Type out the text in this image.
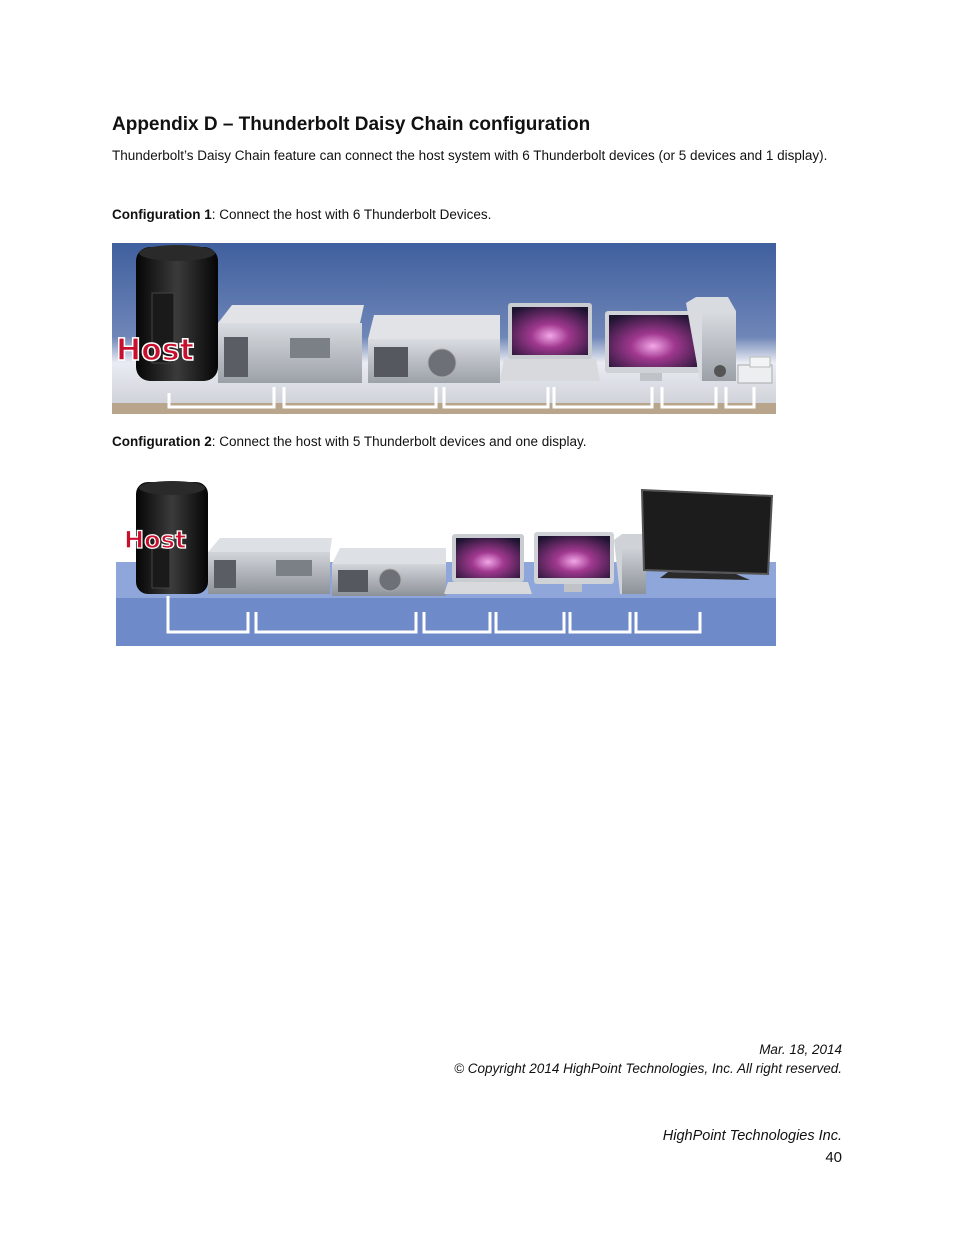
Appendix D – Thunderbolt Daisy Chain configuration

Thunderbolt’s Daisy Chain feature can connect the host system with 6 Thunderbolt devices (or 5 devices and 1 display).

Configuration 1: Connect the host with 6 Thunderbolt Devices.

Host

Configuration 2: Connect the host with 5 Thunderbolt devices and one display.

Host
Mar. 18, 2014
© Copyright 2014 HighPoint Technologies, Inc. All right reserved.
HighPoint Technologies Inc.
40
